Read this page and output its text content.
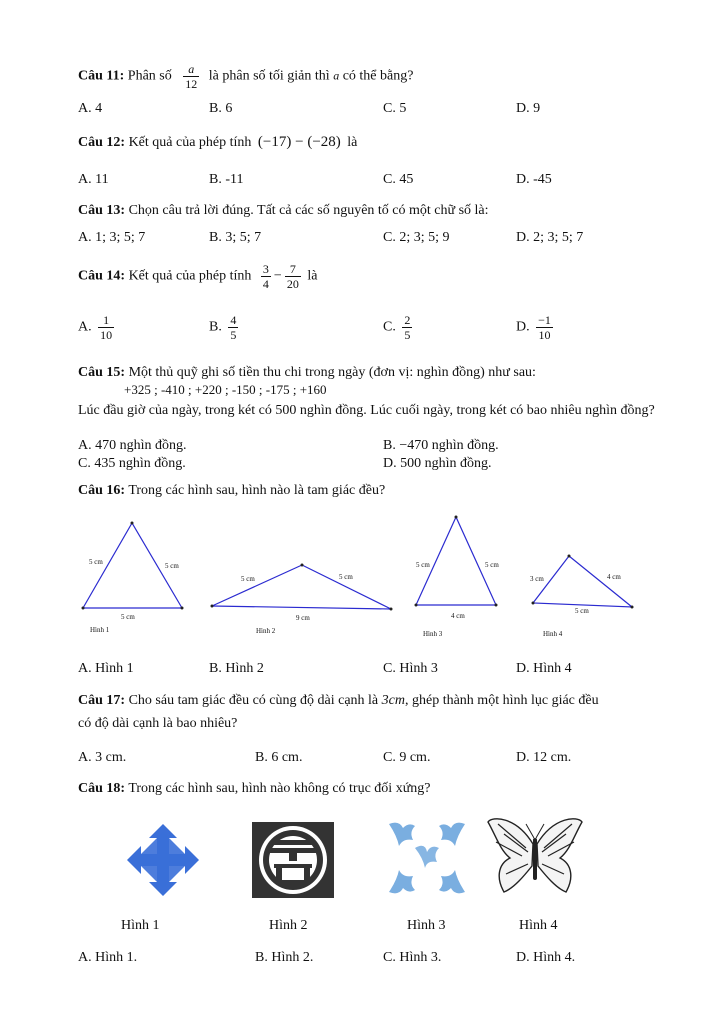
Câu 11: Phân số $\frac{a}{12}$ là phân số tối giản thì a có thể bằng?
A. 4	B. 6	C. 5	D. 9
Câu 12: Kết quả của phép tính (−17) − (−28) là
A. 11	B. -11	C. 45	D. -45
Câu 13: Chọn câu trả lời đúng. Tất cả các số nguyên tố có một chữ số là:
A. 1; 3; 5; 7	B. 3; 5; 7	C. 2; 3; 5; 9	D. 2; 3; 5; 7
Câu 14: Kết quả của phép tính $\frac{3}{4} - \frac{7}{20}$ là
A. $\frac{1}{10}$	B. $\frac{4}{5}$	C. $\frac{2}{5}$	D. $\frac{-1}{10}$
Câu 15: Một thủ quỹ ghi số tiền thu chi trong ngày (đơn vị: nghìn đồng) như sau:
+325 ; -410 ; +220 ; -150 ; -175 ; +160
Lúc đầu giờ của ngày, trong két có 500 nghìn đồng. Lúc cuối ngày, trong két có bao nhiêu nghìn đồng?
A. 470 nghìn đồng.	B. −470 nghìn đồng.
C. 435 nghìn đồng.	D. 500 nghìn đồng.
Câu 16: Trong các hình sau, hình nào là tam giác đều?
5 cm	5 cm
5 cm
Hình 1
5 cm	5 cm
9 cm
Hình 2
5 cm	5 cm
4 cm
Hình 3
3 cm	4 cm
5 cm
Hình 4
A. Hình 1	B. Hình 2	C. Hình 3	D. Hình 4
Câu 17: Cho sáu tam giác đều có cùng độ dài cạnh là 3cm, ghép thành một hình lục giác đều
có độ dài cạnh là bao nhiêu?
A. 3 cm.	B. 6 cm.	C. 9 cm.	D. 12 cm.
Câu 18: Trong các hình sau, hình nào không có trục đối xứng?
Hình 1	Hình 2	Hình 3	Hình 4
A. Hình 1.	B. Hình 2.	C. Hình 3.	D. Hình 4.
